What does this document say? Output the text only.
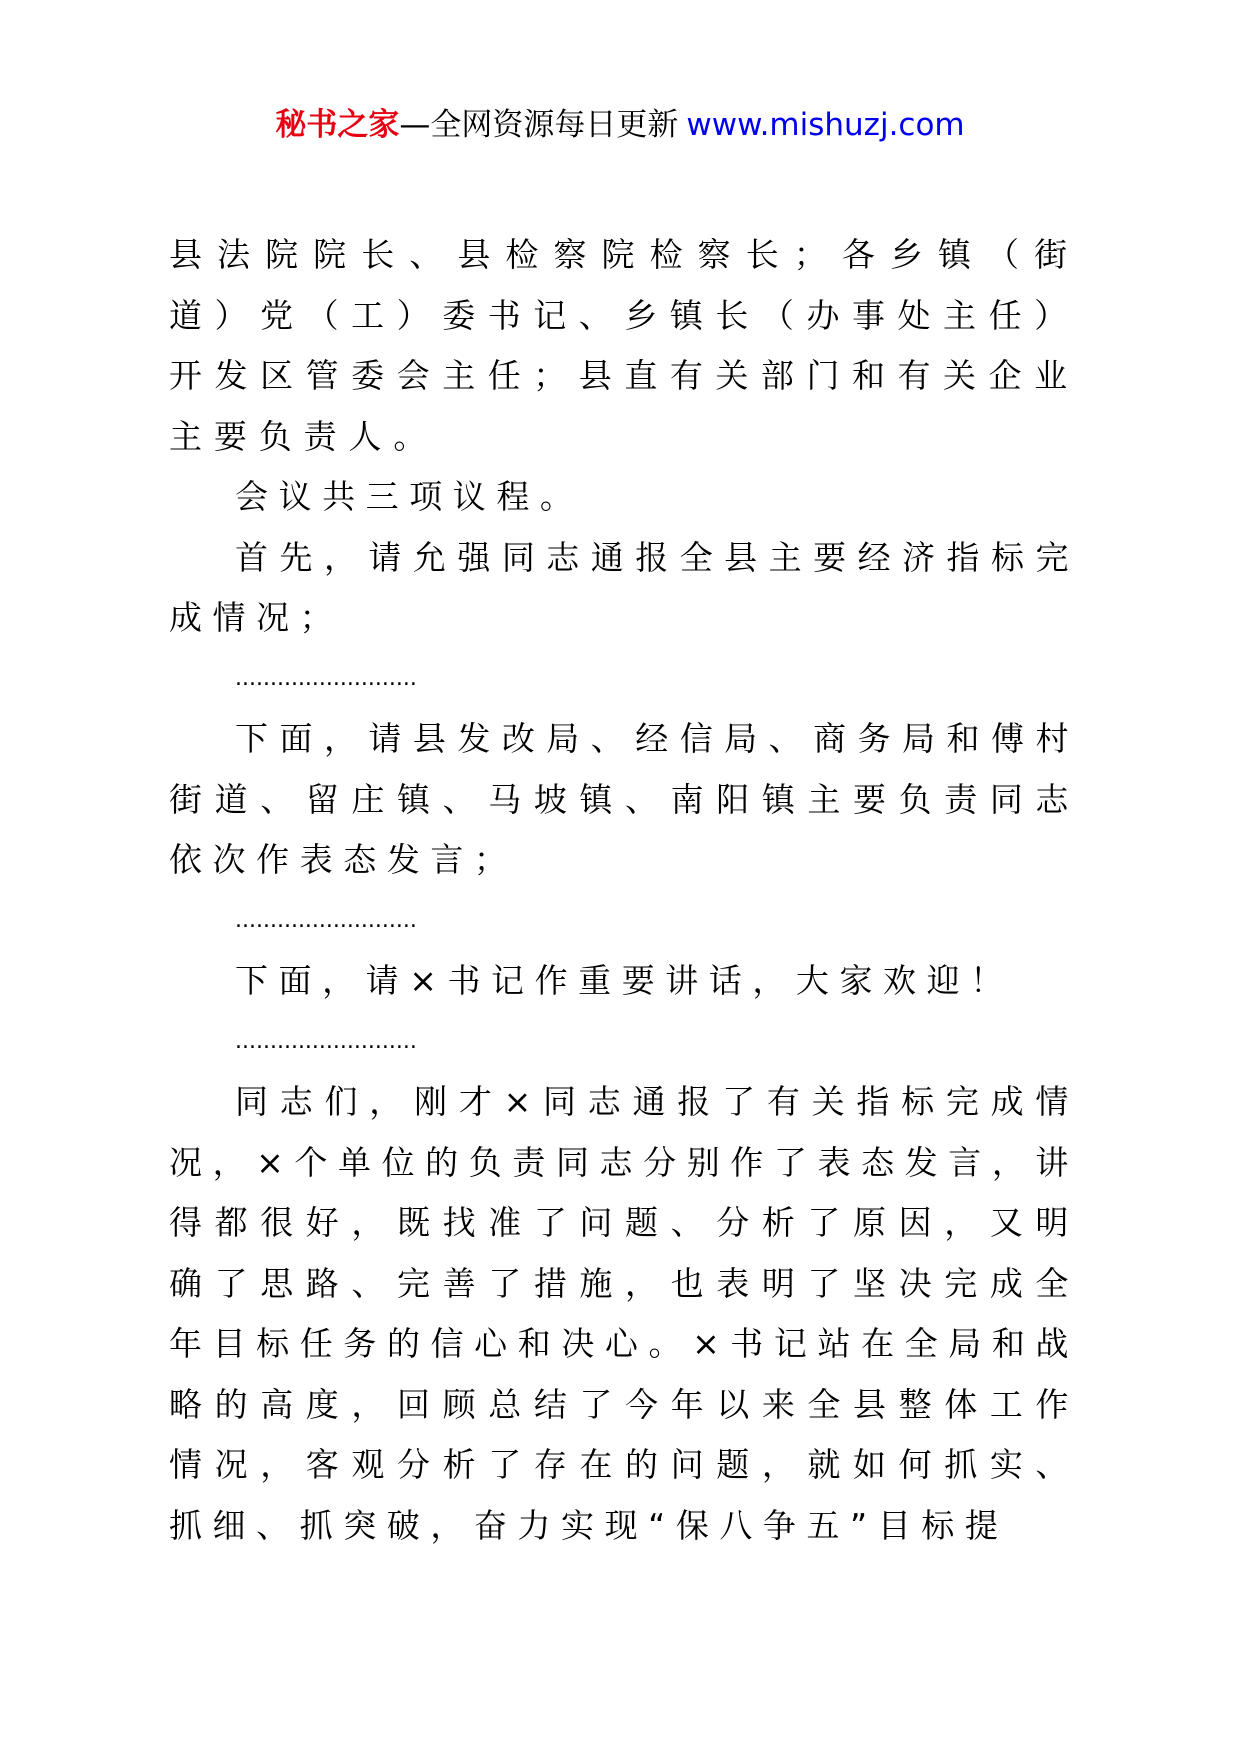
秘书之家—全网资源每日更新 www.mishuzj.com

县法院院长、县检察院检察长；各乡镇（街道）党（工）委书记、乡镇长（办事处主任）开发区管委会主任；县直有关部门和有关企业主要负责人。

会议共三项议程。

首先，请允强同志通报全县主要经济指标完成情况；

..........................

下面，请县发改局、经信局、商务局和傅村街道、留庄镇、马坡镇、南阳镇主要负责同志依次作表态发言；

..........................

下面，请×书记作重要讲话，大家欢迎！

..........................

同志们，刚才×同志通报了有关指标完成情况，×个单位的负责同志分别作了表态发言，讲得都很好，既找准了问题、分析了原因，又明确了思路、完善了措施，也表明了坚决完成全年目标任务的信心和决心。×书记站在全局和战略的高度，回顾总结了今年以来全县整体工作情况，客观分析了存在的问题，就如何抓实、抓细、抓突破，奋力实现“保八争五”目标提
